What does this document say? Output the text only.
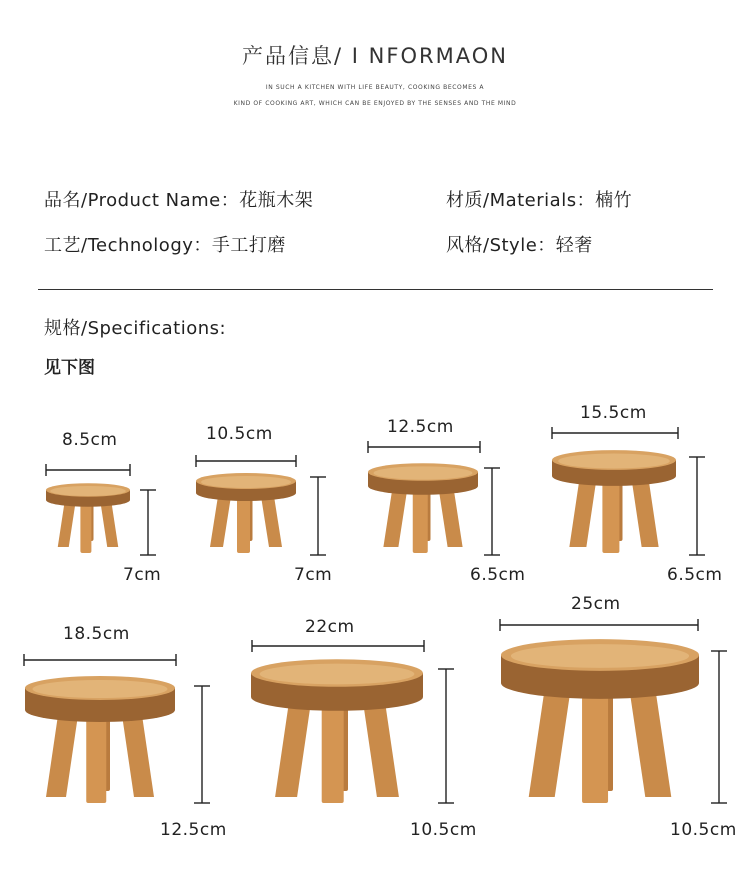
产品信息/ I NFORMAON
IN SUCH A KITCHEN WITH LIFE BEAUTY, COOKING BECOMES A
KIND OF COOKING ART, WHICH CAN BE ENJOYED BY THE SENSES AND THE MIND
品名/Product Name：花瓶木架	材质/Materials：楠竹
工艺/Technology：手工打磨	风格/Style：轻奢
规格/Specifications:
见下图
8.5cm
7cm
10.5cm
7cm
12.5cm
6.5cm
15.5cm
6.5cm
18.5cm
12.5cm
22cm
10.5cm
25cm
10.5cm
